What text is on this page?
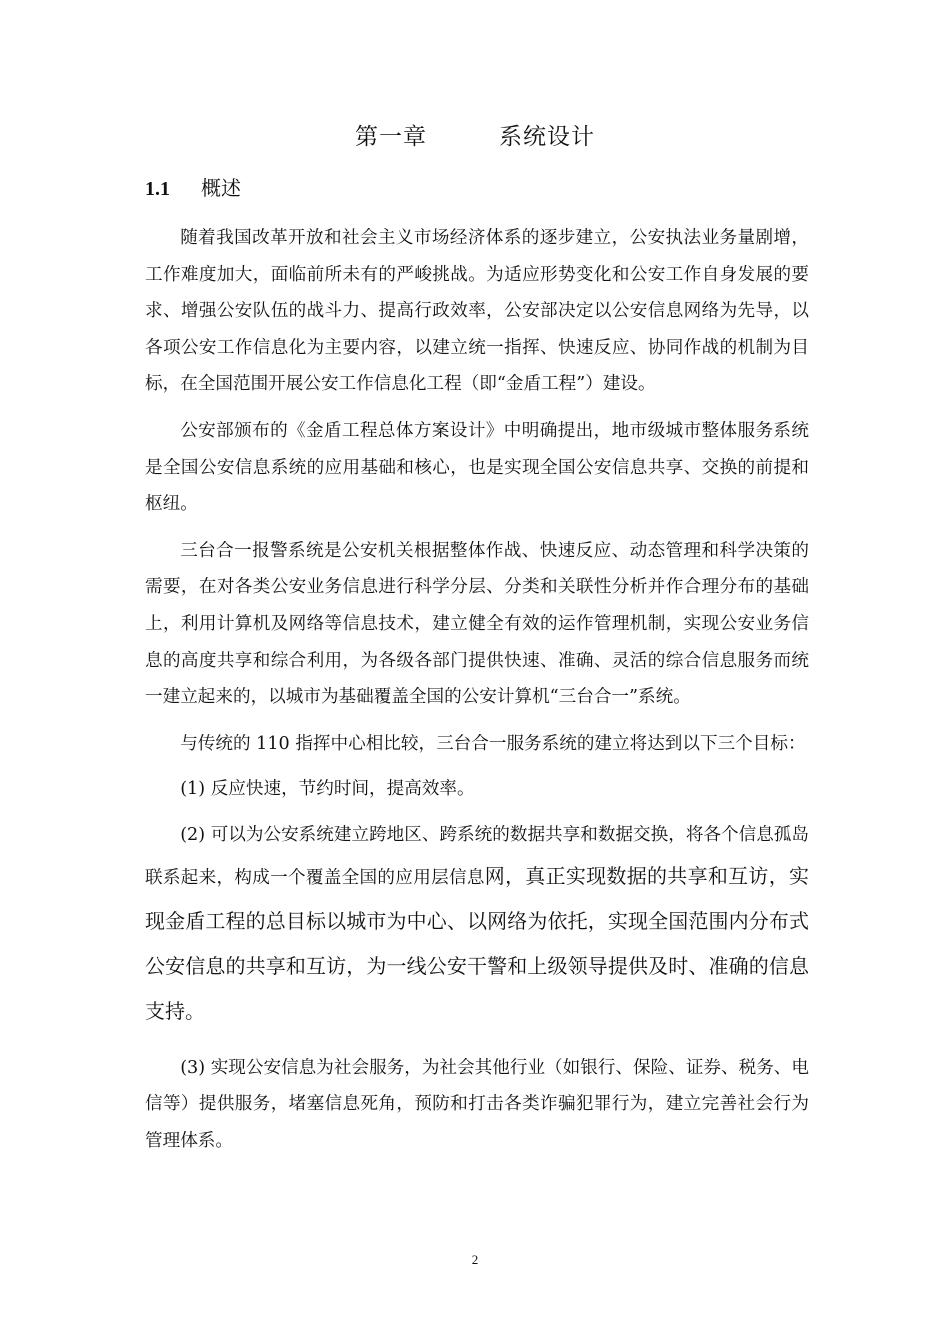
第一章	系统设计
1.1 概述

随着我国改革开放和社会主义市场经济体系的逐步建立，公安执法业务量剧增，工作难度加大，面临前所未有的严峻挑战。为适应形势变化和公安工作自身发展的要求、增强公安队伍的战斗力、提高行政效率，公安部决定以公安信息网络为先导，以各项公安工作信息化为主要内容，以建立统一指挥、快速反应、协同作战的机制为目标，在全国范围开展公安工作信息化工程（即“金盾工程”）建设。

公安部颁布的《金盾工程总体方案设计》中明确提出，地市级城市整体服务系统是全国公安信息系统的应用基础和核心，也是实现全国公安信息共享、交换的前提和枢纽。

三台合一报警系统是公安机关根据整体作战、快速反应、动态管理和科学决策的需要，在对各类公安业务信息进行科学分层、分类和关联性分析并作合理分布的基础上，利用计算机及网络等信息技术，建立健全有效的运作管理机制，实现公安业务信息的高度共享和综合利用，为各级各部门提供快速、准确、灵活的综合信息服务而统一建立起来的，以城市为基础覆盖全国的公安计算机“三台合一”系统。

与传统的 110 指挥中心相比较，三台合一服务系统的建立将达到以下三个目标：

(1) 反应快速，节约时间，提高效率。

(2) 可以为公安系统建立跨地区、跨系统的数据共享和数据交换，将各个信息孤岛联系起来，构成一个覆盖全国的应用层信息网，真正实现数据的共享和互访，实现金盾工程的总目标以城市为中心、以网络为依托，实现全国范围内分布式公安信息的共享和互访，为一线公安干警和上级领导提供及时、准确的信息支持。

(3) 实现公安信息为社会服务，为社会其他行业（如银行、保险、证券、税务、电信等）提供服务，堵塞信息死角，预防和打击各类诈骗犯罪行为，建立完善社会行为管理体系。

2
